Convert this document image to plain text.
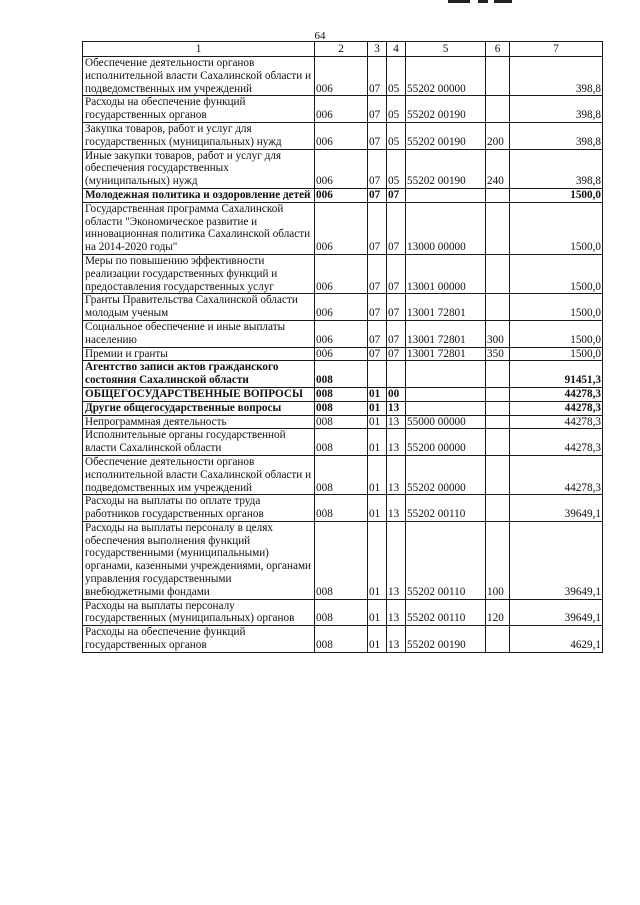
64
1	2	3	4	5	6	7
Обеспечение деятельности органов исполнительной власти Сахалинской области и подведомственных им учреждений	006	07	05	55202 00000		398,8
Расходы на обеспечение функций государственных органов	006	07	05	55202 00190		398,8
Закупка товаров, работ и услуг для государственных (муниципальных) нужд	006	07	05	55202 00190	200	398,8
Иные закупки товаров, работ и услуг для обеспечения государственных (муниципальных) нужд	006	07	05	55202 00190	240	398,8
Молодежная политика и оздоровление детей	006	07	07			1500,0
Государственная программа Сахалинской области "Экономическое развитие и инновационная политика Сахалинской области на 2014-2020 годы"	006	07	07	13000 00000		1500,0
Меры по повышению эффективности реализации государственных функций и предоставления государственных услуг	006	07	07	13001 00000		1500,0
Гранты Правительства Сахалинской области молодым ученым	006	07	07	13001 72801		1500,0
Социальное обеспечение и иные выплаты населению	006	07	07	13001 72801	300	1500,0
Премии и гранты	006	07	07	13001 72801	350	1500,0
Агентство записи актов гражданского состояния Сахалинской области	008					91451,3
ОБЩЕГОСУДАРСТВЕННЫЕ ВОПРОСЫ	008	01	00			44278,3
Другие общегосударственные вопросы	008	01	13			44278,3
Непрограммная деятельность	008	01	13	55000 00000		44278,3
Исполнительные органы государственной власти Сахалинской области	008	01	13	55200 00000		44278,3
Обеспечение деятельности органов исполнительной власти Сахалинской области и подведомственных им учреждений	008	01	13	55202 00000		44278,3
Расходы на выплаты по оплате труда работников государственных органов	008	01	13	55202 00110		39649,1
Расходы на выплаты персоналу в целях обеспечения выполнения функций государственными (муниципальными) органами, казенными учреждениями, органами управления государственными внебюджетными фондами	008	01	13	55202 00110	100	39649,1
Расходы на выплаты персоналу государственных (муниципальных) органов	008	01	13	55202 00110	120	39649,1
Расходы на обеспечение функций государственных органов	008	01	13	55202 00190		4629,1
